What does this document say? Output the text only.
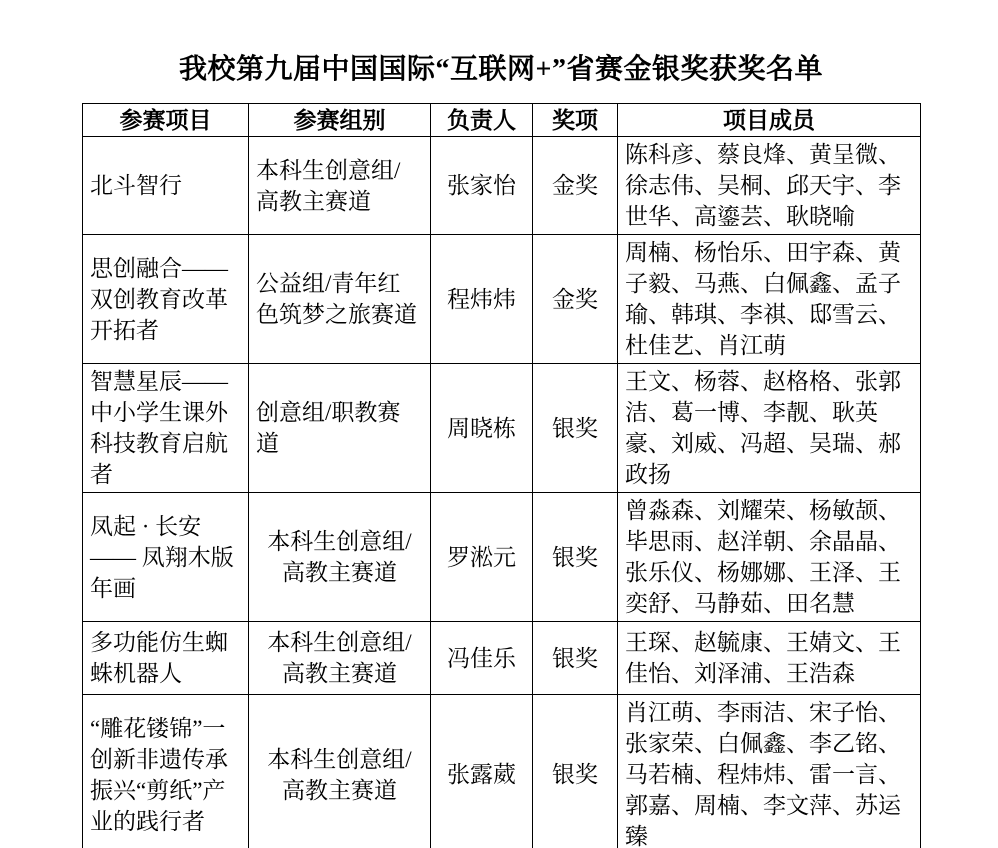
我校第九届中国国际“互联网+”省赛金银奖获奖名单
参赛项目	参赛组别	负责人	奖项	项目成员
北斗智行	本科生创意组/高教主赛道	张家怡	金奖	陈科彦、蔡良烽、黄呈微、徐志伟、吴桐、邱天宇、李世华、高鎏芸、耿晓喻
思创融合——双创教育改革开拓者	公益组/青年红色筑梦之旅赛道	程炜炜	金奖	周楠、杨怡乐、田宇森、黄子毅、马燕、白佩鑫、孟子瑜、韩琪、李祺、邸雪云、杜佳艺、肖江萌
智慧星辰——中小学生课外科技教育启航者	创意组/职教赛道	周晓栋	银奖	王文、杨蓉、赵格格、张郭洁、葛一博、李靓、耿英豪、刘威、冯超、吴瑞、郝政扬
凤起 · 长安—— 凤翔木版年画	本科生创意组/高教主赛道	罗淞元	银奖	曾淼森、刘耀荣、杨敏颉、毕思雨、赵洋朝、余晶晶、张乐仪、杨娜娜、王泽、王奕舒、马静茹、田名慧
多功能仿生蜘蛛机器人	本科生创意组/高教主赛道	冯佳乐	银奖	王琛、赵毓康、王婧文、王佳怡、刘泽浦、王浩森
“雕花镂锦”一创新非遗传承振兴“剪纸”产业的践行者	本科生创意组/高教主赛道	张露葳	银奖	肖江萌、李雨洁、宋子怡、张家荣、白佩鑫、李乙铭、马若楠、程炜炜、雷一言、郭嘉、周楠、李文萍、苏运臻
